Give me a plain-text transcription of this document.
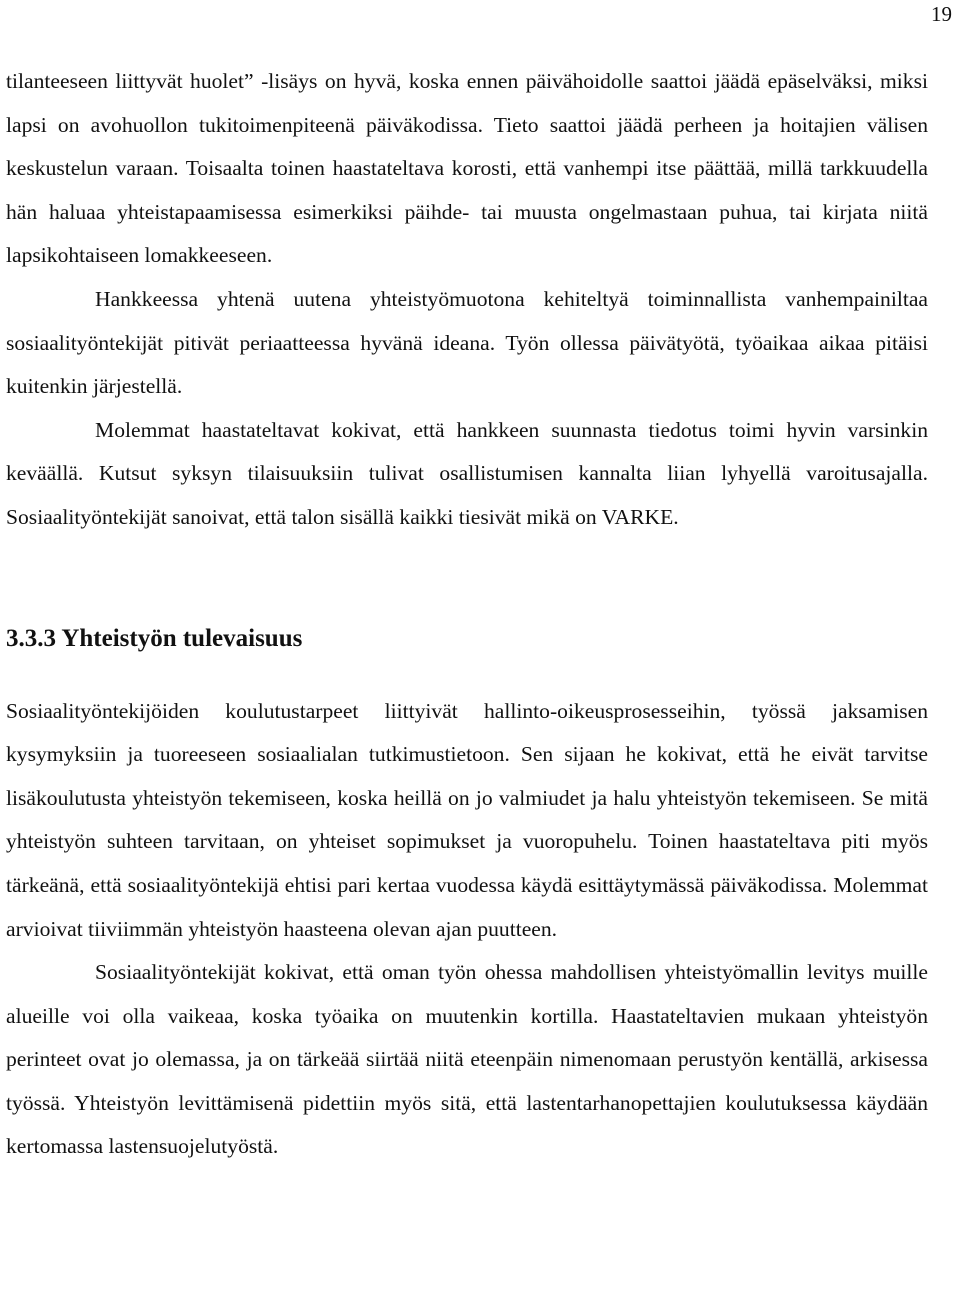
19

tilanteeseen liittyvät huolet” -lisäys on hyvä, koska ennen päivähoidolle saattoi jäädä epäselväksi, miksi lapsi on avohuollon tukitoimenpiteenä päiväkodissa. Tieto saattoi jäädä perheen ja hoitajien välisen keskustelun varaan. Toisaalta toinen haastateltava korosti, että vanhempi itse päättää, millä tarkkuudella hän haluaa yhteistapaamisessa esimerkiksi päihde- tai muusta ongelmastaan puhua, tai kirjata niitä lapsikohtaiseen lomakkeeseen.

Hankkeessa yhtenä uutena yhteistyömuotona kehiteltyä toiminnallista vanhempainiltaa sosiaalityöntekijät pitivät periaatteessa hyvänä ideana. Työn ollessa päivätyötä, työaikaa aikaa pitäisi kuitenkin järjestellä.

Molemmat haastateltavat kokivat, että hankkeen suunnasta tiedotus toimi hyvin varsinkin keväällä. Kutsut syksyn tilaisuuksiin tulivat osallistumisen kannalta liian lyhyellä varoitusajalla. Sosiaalityöntekijät sanoivat, että talon sisällä kaikki tiesivät mikä on VARKE.

3.3.3 Yhteistyön tulevaisuus

Sosiaalityöntekijöiden koulutustarpeet liittyivät hallinto-oikeusprosesseihin, työssä jaksamisen kysymyksiin ja tuoreeseen sosiaalialan tutkimustietoon. Sen sijaan he kokivat, että he eivät tarvitse lisäkoulutusta yhteistyön tekemiseen, koska heillä on jo valmiudet ja halu yhteistyön tekemiseen. Se mitä yhteistyön suhteen tarvitaan, on yhteiset sopimukset ja vuoropuhelu. Toinen haastateltava piti myös tärkeänä, että sosiaalityöntekijä ehtisi pari kertaa vuodessa käydä esittäytymässä päiväkodissa. Molemmat arvioivat tiiviimmän yhteistyön haasteena olevan ajan puutteen.

Sosiaalityöntekijät kokivat, että oman työn ohessa mahdollisen yhteistyömallin levitys muille alueille voi olla vaikeaa, koska työaika on muutenkin kortilla. Haastateltavien mukaan yhteistyön perinteet ovat jo olemassa, ja on tärkeää siirtää niitä eteenpäin nimenomaan perustyön kentällä, arkisessa työssä. Yhteistyön levittämisenä pidettiin myös sitä, että lastentarhanopettajien koulutuksessa käydään kertomassa lastensuojelutyöstä.
